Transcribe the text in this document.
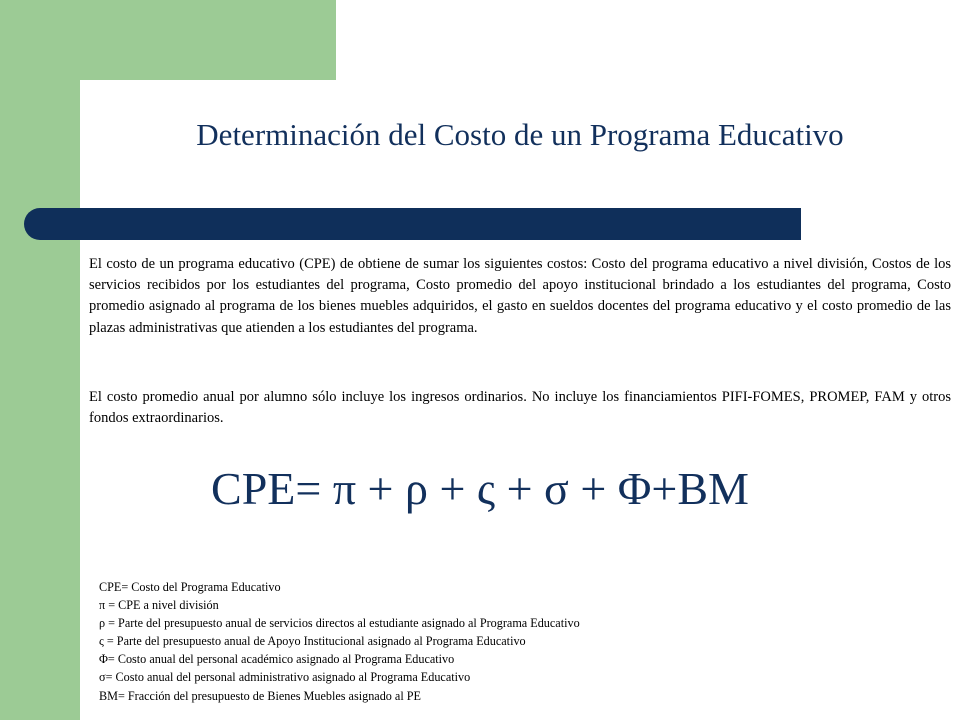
Determinación del Costo de un Programa Educativo

El costo de un programa educativo (CPE) de obtiene de sumar los siguientes costos: Costo del programa educativo a nivel división, Costos de los servicios recibidos por los estudiantes del programa, Costo promedio del apoyo institucional brindado a los estudiantes del programa, Costo promedio asignado al programa de los bienes muebles adquiridos, el gasto en sueldos docentes del programa educativo y el costo promedio de las plazas administrativas que atienden a los estudiantes del programa.

El costo promedio anual por alumno sólo incluye los ingresos ordinarios. No incluye los financiamientos PIFI-FOMES, PROMEP, FAM y otros fondos extraordinarios.

CPE= π + ρ + ς + σ + Φ+BM
CPE= Costo del Programa Educativo
π = CPE a nivel división
ρ = Parte del presupuesto anual de servicios directos al estudiante asignado al Programa Educativo
ς = Parte del presupuesto anual de Apoyo Institucional asignado al Programa Educativo
Φ= Costo anual del personal académico asignado al Programa Educativo
σ= Costo anual del personal administrativo asignado al Programa Educativo
BM= Fracción del presupuesto de Bienes Muebles asignado al PE
